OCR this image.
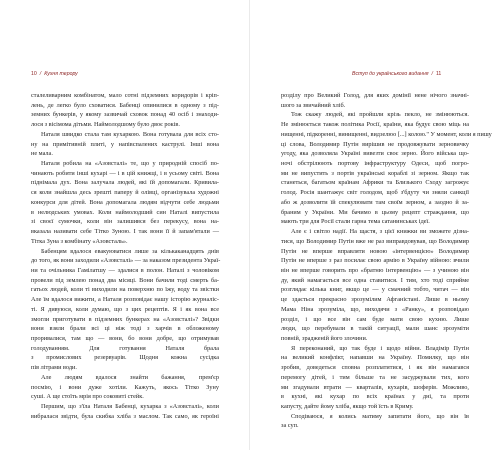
10 / Кухня терору
сталеливарним комбінатом, мало сотні підземних коридорів і кріп-
лень, де легко було сховатися. Бабенці опинилися в одному з під-
земних бункерів, у якому зазвичай сховок понад 40 осіб і знаходи-
лося з вісімома дітьми. Наймолодшому було двоє років.
Наталя швидко стала там кухаркою. Вона готувала для всіх сто-
ну на примітивній плиті, у напівспалених каструлі. Інші вона
не мала.
Наталя робила на «Азовсталі» те, що у природній спосіб по-
чинають робити інші кухарі — і в цій книжці, і в усьому світі. Вона
піднімала дух. Вона залучала людей, які їй допомагали. Кривила-
ся коли знайшла десь зрешті паперу й олівці, організувала художні
конкурси для дітей. Вона допомагала людям відчути себе людьми
в нелюдських умовах. Коли наймолодший син Наталі випустила
зі своєї сумочки, коли він залишився без перекусу, вона на-
вказала називати себе Тітко Зуною. І так вони її й запам'ятали —
Тітка Зуна з комбінату «Азовсталь».
Бабенцям вдалося евакуюватися лише за кількаканадцять днів
до того, як вони заходили «Азовсталі» — за наказом президента Украї-
ни та очільника Гамілатшу — здалися в полон. Наталі з чоловіком
провели під землею понад два місяці. Вони бачили тоді смерть ба-
гатьох людей, коли ті виходили на поверхню по їжу, воду та звістки
Але їм вдалося вижити, а Наталя розповідає нашу історію журналіс-
ті. Я дивуюся, коли думаю, що з цих рецептів. Я і як вона все
змогли приготувати в підземних бункерах на «Азовсталі»? Звідки
вони взяли брали всі ці ніж тоді з харчів в обложеному
проривалися, там що — вони, бо вони добре, що отримував
голодуванням. Для готування Наталя брала
з промислових резервуарів. Щодня кожна сусідка
пів літрами води.
Але людям вдалося знайти бажання, прем'єр
посмію, і вони дуже хотіли. Кажуть, якось Тітко Зуну
суші. А ще стоїть мрія про соковиті стейк.
Першим, що з'їла Наталя Бабенці, кухарка з «Азовсталі», коли
вибралася звідти, була скибка хліба з маслом. Так само, як героїні
Вступ до українського видання / 11
розділу про Великий Голод, для яких домінії нене нічого значні-
шого за звичайний хліб.
Тож скажу людей, які пройшли крізь пекло, не змінюються.
Не змінюється також політика Росії, країни, яка будує свою міць на
нищенні, підкоренні, винищенні, видзелюо [...] колою." У момент, коли я пишу
ці слова, Володимир Путін вирішив не продовжувати зерновичку
угоду, яка дозволяла Україні вивезти своє зерно. Його війська що-
ночі обстрілюють портову інфраструктуру Одеси, щоб погро-
ми не випустить з портів українські кораблі зі зерном. Якщо так
станеться, багатьом країнам Африки та Близького Сходу загрожує
голод. Росія шантажує світ голодом, щоб з'бдуту чи зняли санкції
або ж дозволити їй спекулювати там своїм зерном, а заодно й за-
браним у України. Ми бачимо в цьому рецепт страждання, що
мають три для Росії стали гарна тема сатанинськах ідеї.
Але є і світло надії. На щастя, з цієї книжки ви зможете дізна-
тися, що Володимир Путін вже не раз виправдовував, що Володимир
Путін не вперше вправляти новою «інтервенцією» Володимир
Путін не вперше з раз посилає свою армію в Україну війною: вчили
він не вперше говорить про «братню інтервенцію» — з учиною він
ду, який намагається все одна ставитися. І тим, хто тоді сприйме
розглядає кілька книг, якщо це — у смачний тобто, читач — він
це здається прекрасно зрозумілим Афганістані. Лише в ньому
Мама Ніна зрозуміла, що, виходячи з «Ранку», я розповідаю
розділ, і що все він сам буде мати свою кухню. Лише
люди, що перебували в такій ситуації, мали шанс зрозуміти
повній, зрадженій його злочини.
Я переконаний, що так буде і щодо війни. Владімір Путін
на великий конфлікт, напавши на Україну. Помилку, що він
зробив, доведеться сповна розплатитися, і як він намагався
перемогу дітей, і тим більше та не засуджували тих, кого
ми згадували втрати — кварталів, кухарів, шоферів. Можливо,
в кухні, які кухар по всіх країнах у дні, та проти
капусту, дайте йому хліба, якщо той їсть в Криму.
Сподіваюся, я колись матиму запитати його, що він їв
за суп.
